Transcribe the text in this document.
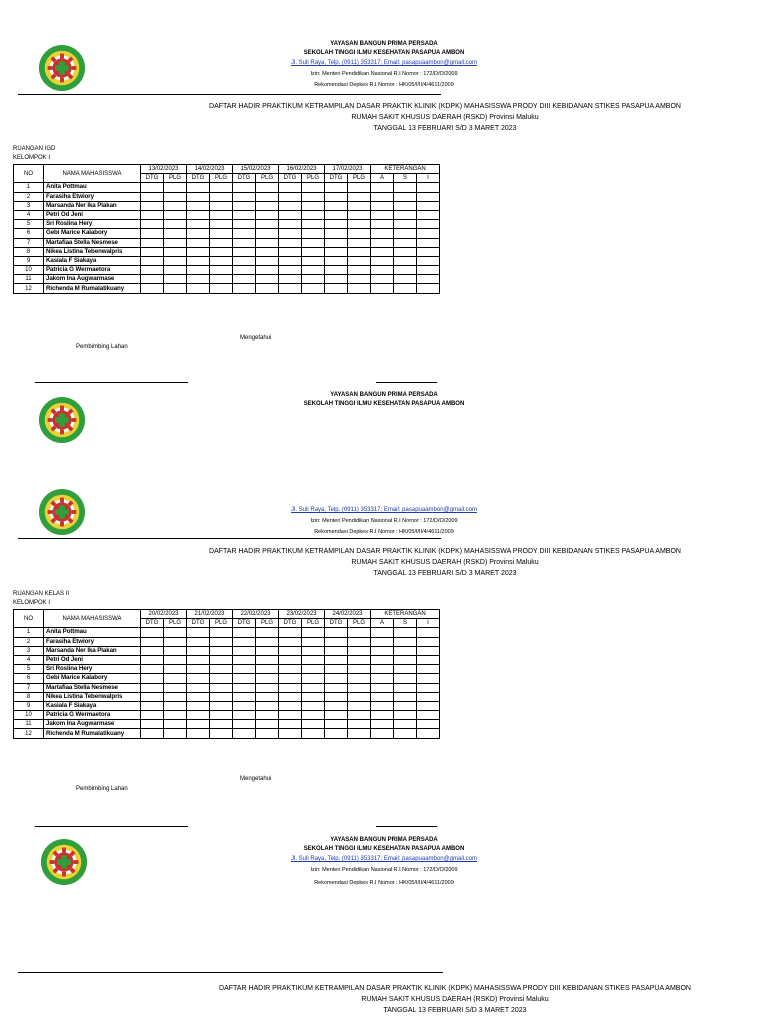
YAYASAN BANGUN PRIMA PERSADA
SEKOLAH TINGGI ILMU KESEHATAN PASAPUA AMBON
Jl. Suli Raya, Telp. (0911) 353317; Email: pasapuaambon@gmail.com
Izin: Menteri Pendidikan Nasional R.I Nomor : 172/D/O/2009
Rekomendasi Depkes R.I Nomor : HK/05/I/II/4/4611/2009
DAFTAR HADIR PRAKTIKUM KETRAMPILAN DASAR PRAKTIK KLINIK (KDPK) MAHASISSWA PRODY DIII KEBIDANAN STIKES PASAPUA AMBON
RUMAH SAKIT KHUSUS DAERAH (RSKD) Provinsi Maluku
TANGGAL 13 FEBRUARI S/D 3 MARET 2023
RUANGAN IGD
KELOMPOK I
NO	NAMA MAHASISSWA	13/02/2023		14/02/2023		15/02/2023		16/02/2023		17/02/2023		KETERANGAN		
		DTG	PLG	DTG	PLG	DTG	PLG	DTG	PLG	DTG	PLG	A	S	I
1	Anita Pottmau													
2	Farasiha Etwiory													
3	Marsanda Ner Ika Plakan													
4	Petri Od Jeni													
5	Sri Roslina Hery													
6	Gebi Marice Kalabory													
7	Martafiaa Stella Nesmese													
8	Nikea Listina Tebenwalpris													
9	Kasiala F Siakaya													
10	Patricia G Wermaetora													
11	Jakom Ina Augwarmase													
12	Richenda M Rumalatikuany													
Mengetahui
Pembimbing Lahan
YAYASAN BANGUN PRIMA PERSADA
SEKOLAH TINGGI ILMU KESEHATAN PASAPUA AMBON
Jl. Suli Raya, Telp. (0911) 353317; Email: pasapuaambon@gmail.com
Izin: Menteri Pendidikan Nasional R.I Nomor : 172/D/O/2009
Rekomendasi Depkes R.I Nomor : HK/05/I/II/4/4611/2009
DAFTAR HADIR PRAKTIKUM KETRAMPILAN DASAR PRAKTIK KLINIK (KDPK) MAHASISSWA PRODY DIII KEBIDANAN STIKES PASAPUA AMBON
RUMAH SAKIT KHUSUS DAERAH (RSKD) Provinsi Maluku
TANGGAL 13 FEBRUARI S/D 3 MARET 2023
RUANGAN KELAS II
KELOMPOK I
NO	NAMA MAHASISSWA	20/02/2023		21/02/2023		22/02/2023		23/02/2023		24/02/2023		KETERANGAN		
		DTG	PLG	DTG	PLG	DTG	PLG	DTG	PLG	DTG	PLG	A	S	I
1	Anita Pottmau													
2	Farasiha Etwiory													
3	Marsanda Ner Ika Plakan													
4	Petri Od Jeni													
5	Sri Roslina Hery													
6	Gebi Marice Kalabory													
7	Martafiaa Stella Nesmese													
8	Nikea Listina Tebenwalpris													
9	Kasiala F Siakaya													
10	Patricia G Wermaetora													
11	Jakom Ina Augwarmase													
12	Richenda M Rumalatikuany													
Mengetahui
Pembimbing Lahan
YAYASAN BANGUN PRIMA PERSADA
SEKOLAH TINGGI ILMU KESEHATAN PASAPUA AMBON
Jl. Suli Raya, Telp. (0911) 353317; Email: pasapuaambon@gmail.com
Izin: Menteri Pendidikan Nasional R.I Nomor : 172/D/O/2009
Rekomendasi Depkes R.I Nomor : HK/05/I/II/4/4611/2009
DAFTAR HADIR PRAKTIKUM KETRAMPILAN DASAR PRAKTIK KLINIK (KDPK) MAHASISSWA PRODY DIII KEBIDANAN STIKES PASAPUA AMBON
RUMAH SAKIT KHUSUS DAERAH (RSKD) Provinsi Maluku
TANGGAL 13 FEBRUARI S/D 3 MARET 2023
